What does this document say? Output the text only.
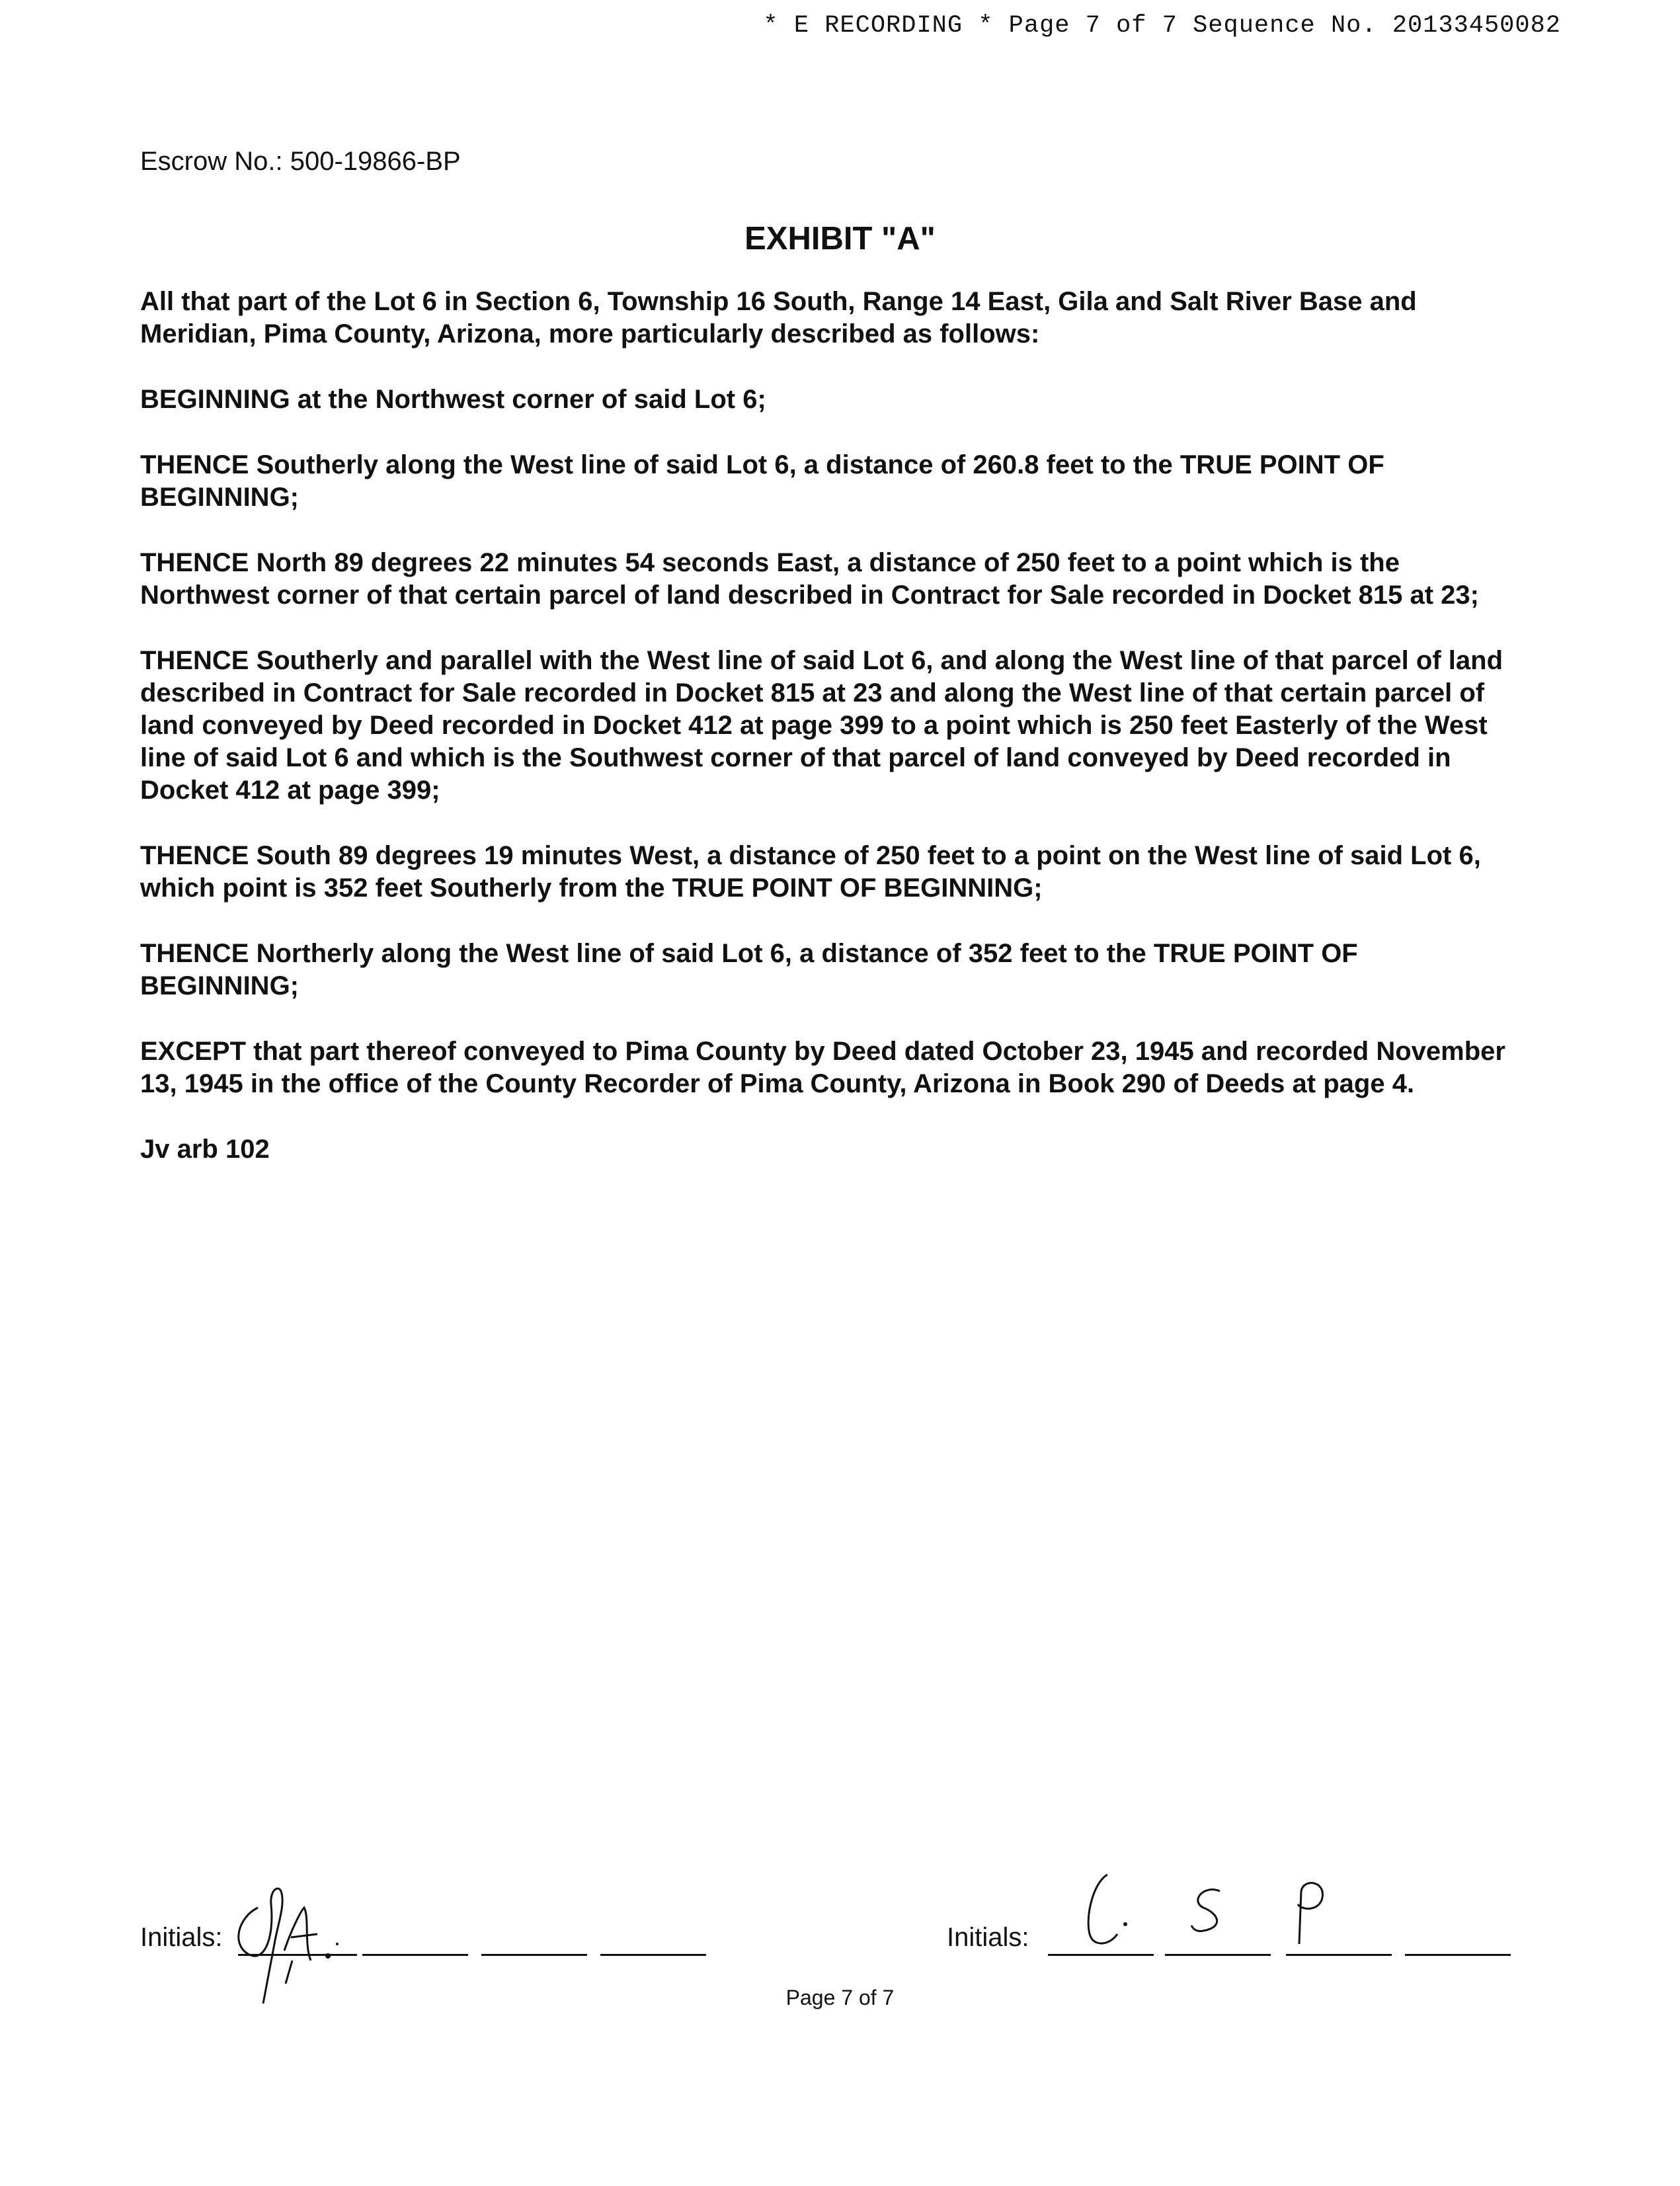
* E RECORDING * Page 7 of 7 Sequence No. 20133450082
Escrow No.: 500-19866-BP
EXHIBIT "A"

All that part of the Lot 6 in Section 6, Township 16 South, Range 14 East, Gila and Salt River Base and Meridian, Pima County, Arizona, more particularly described as follows:

BEGINNING at the Northwest corner of said Lot 6;

THENCE Southerly along the West line of said Lot 6, a distance of 260.8 feet to the TRUE POINT OF BEGINNING;

THENCE North 89 degrees 22 minutes 54 seconds East, a distance of 250 feet to a point which is the Northwest corner of that certain parcel of land described in Contract for Sale recorded in Docket 815 at 23;

THENCE Southerly and parallel with the West line of said Lot 6, and along the West line of that parcel of land described in Contract for Sale recorded in Docket 815 at 23 and along the West line of that certain parcel of land conveyed by Deed recorded in Docket 412 at page 399 to a point which is 250 feet Easterly of the West line of said Lot 6 and which is the Southwest corner of that parcel of land conveyed by Deed recorded in Docket 412 at page 399;

THENCE South 89 degrees 19 minutes West, a distance of 250 feet to a point on the West line of said Lot 6, which point is 352 feet Southerly from the TRUE POINT OF BEGINNING;

THENCE Northerly along the West line of said Lot 6, a distance of 352 feet to the TRUE POINT OF BEGINNING;

EXCEPT that part thereof conveyed to Pima County by Deed dated October 23, 1945 and recorded November 13, 1945 in the office of the County Recorder of Pima County, Arizona in Book 290 of Deeds at page 4.

Jv arb 102

Initials:	Initials:
Page 7 of 7
